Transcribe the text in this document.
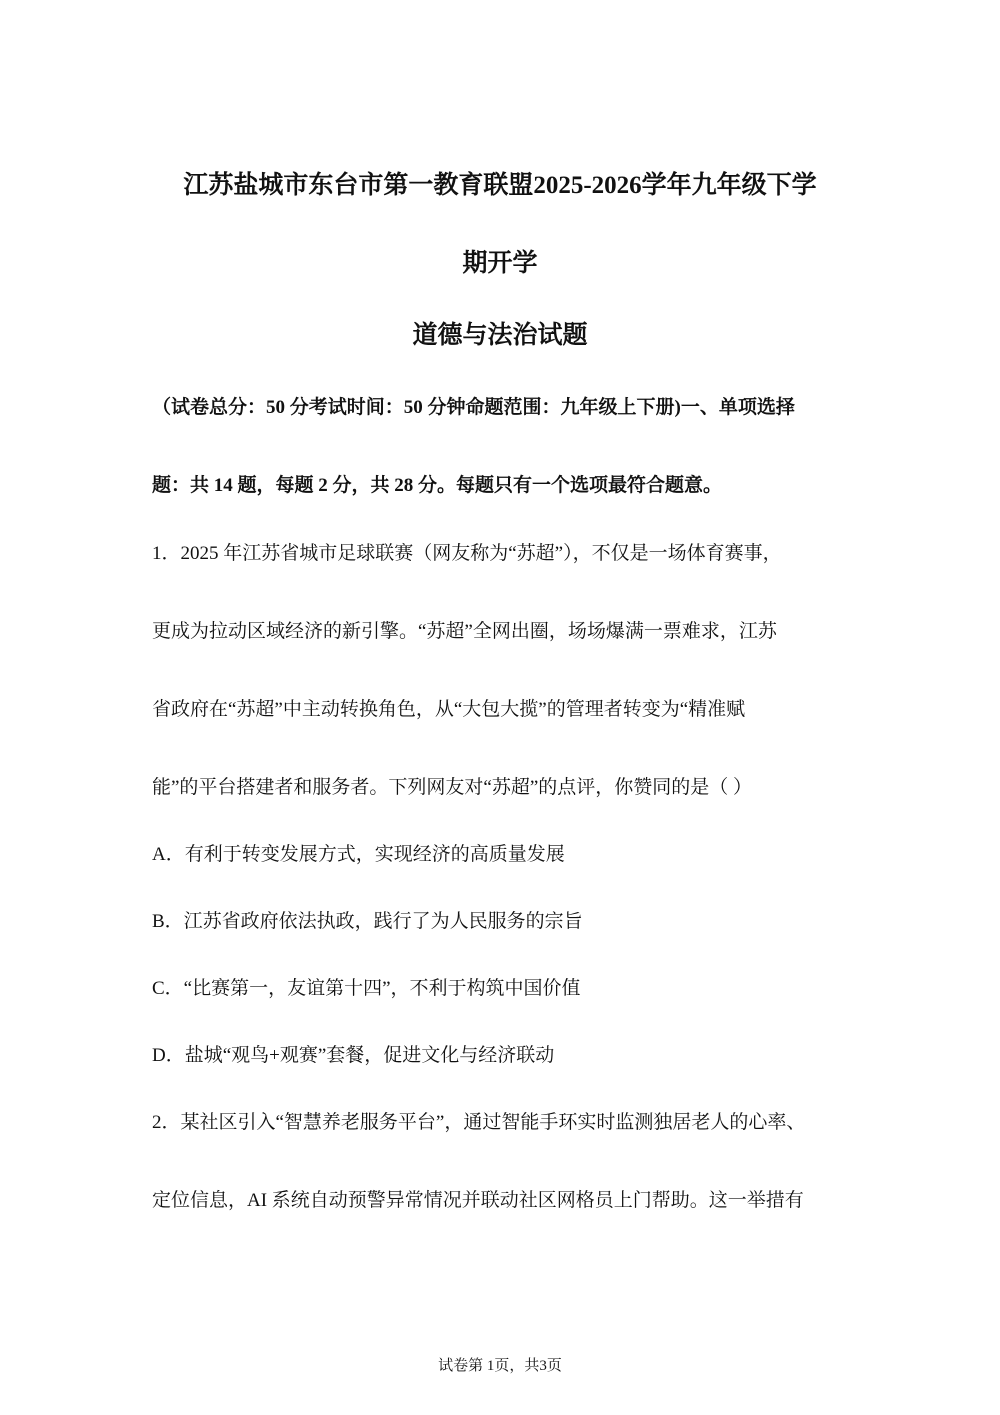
江苏盐城市东台市第一教育联盟2025-2026学年九年级下学
期开学
道德与法治试题
（试卷总分：50 分考试时间：50 分钟命题范围：九年级上下册)一、单项选择
题：共 14 题，每题 2 分，共 28 分。每题只有一个选项最符合题意。
1．2025 年江苏省城市足球联赛（网友称为“苏超”），不仅是一场体育赛事，
更成为拉动区域经济的新引擎。“苏超”全网出圈，场场爆满一票难求，江苏
省政府在“苏超”中主动转换角色，从“大包大揽”的管理者转变为“精准赋
能”的平台搭建者和服务者。下列网友对“苏超”的点评，你赞同的是（ ）
A．有利于转变发展方式，实现经济的高质量发展
B．江苏省政府依法执政，践行了为人民服务的宗旨
C．“比赛第一，友谊第十四”，不利于构筑中国价值
D．盐城“观鸟+观赛”套餐，促进文化与经济联动
2．某社区引入“智慧养老服务平台”，通过智能手环实时监测独居老人的心率、
定位信息，AI 系统自动预警异常情况并联动社区网格员上门帮助。这一举措有
试卷第 1页，共3页
